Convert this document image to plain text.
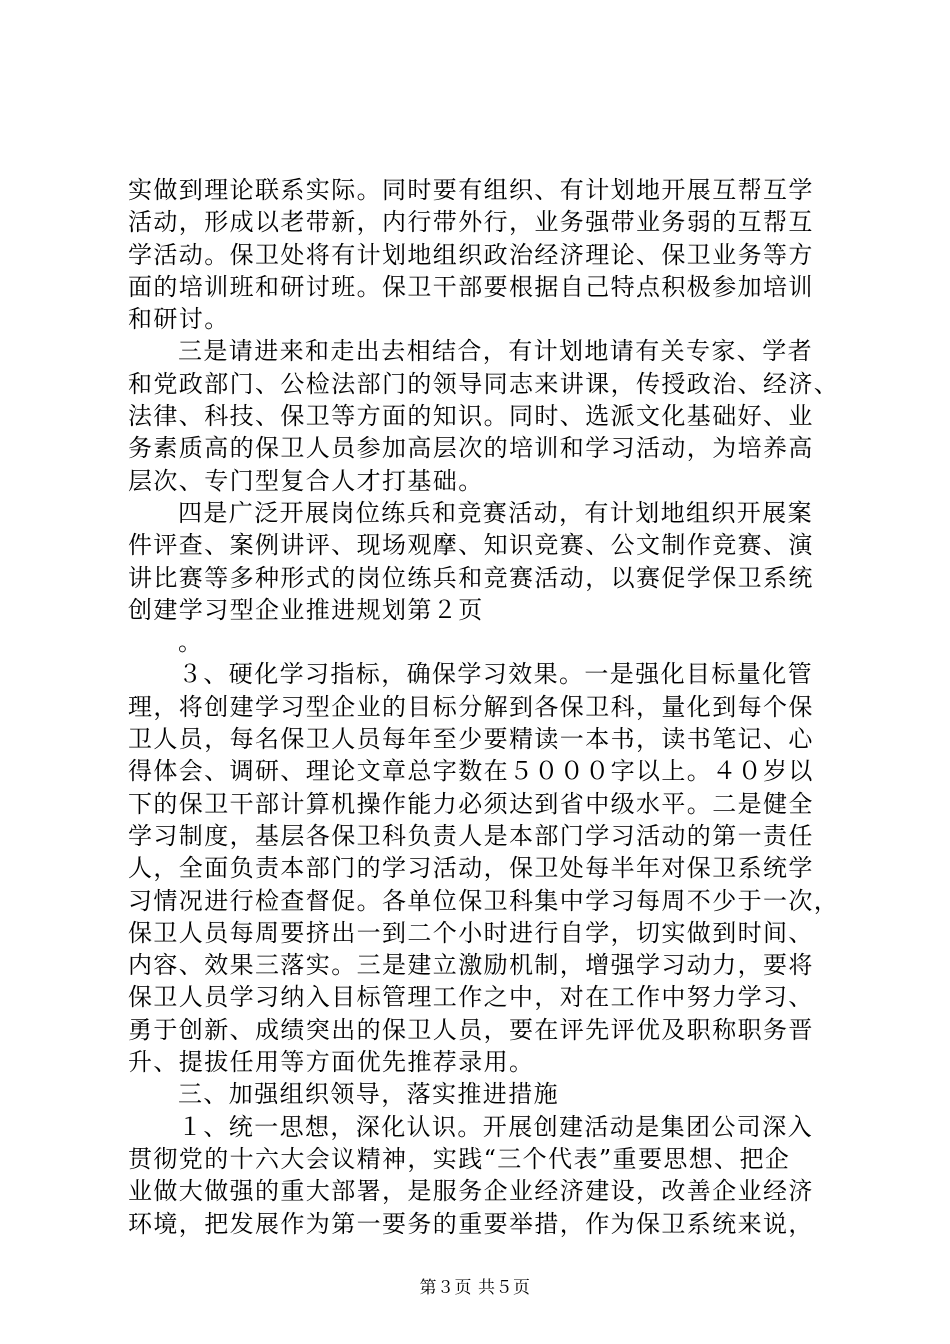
实做到理论联系实际。同时要有组织、有计划地开展互帮互学
活动，形成以老带新，内行带外行，业务强带业务弱的互帮互
学活动。保卫处将有计划地组织政治经济理论、保卫业务等方
面的培训班和研讨班。保卫干部要根据自己特点积极参加培训
和研讨。
三是请进来和走出去相结合，有计划地请有关专家、学者
和党政部门、公检法部门的领导同志来讲课，传授政治、经济、
法律、科技、保卫等方面的知识。同时、选派文化基础好、业
务素质高的保卫人员参加高层次的培训和学习活动，为培养高
层次、专门型复合人才打基础。
四是广泛开展岗位练兵和竞赛活动，有计划地组织开展案
件评查、案例讲评、现场观摩、知识竞赛、公文制作竞赛、演
讲比赛等多种形式的岗位练兵和竞赛活动，以赛促学保卫系统
创建学习型企业推进规划第２页
。
３、硬化学习指标，确保学习效果。一是强化目标量化管
理，将创建学习型企业的目标分解到各保卫科，量化到每个保
卫人员，每名保卫人员每年至少要精读一本书，读书笔记、心
得体会、调研、理论文章总字数在５０００字以上。４０岁以
下的保卫干部计算机操作能力必须达到省中级水平。二是健全
学习制度，基层各保卫科负责人是本部门学习活动的第一责任
人，全面负责本部门的学习活动，保卫处每半年对保卫系统学
习情况进行检查督促。各单位保卫科集中学习每周不少于一次，
保卫人员每周要挤出一到二个小时进行自学，切实做到时间、
内容、效果三落实。三是建立激励机制，增强学习动力，要将
保卫人员学习纳入目标管理工作之中，对在工作中努力学习、
勇于创新、成绩突出的保卫人员，要在评先评优及职称职务晋
升、提拔任用等方面优先推荐录用。
三、加强组织领导，落实推进措施
１、统一思想，深化认识。开展创建活动是集团公司深入
贯彻党的十六大会议精神，实践“三个代表”重要思想、把企
业做大做强的重大部署，是服务企业经济建设，改善企业经济
环境，把发展作为第一要务的重要举措，作为保卫系统来说，
第３页 共５页
